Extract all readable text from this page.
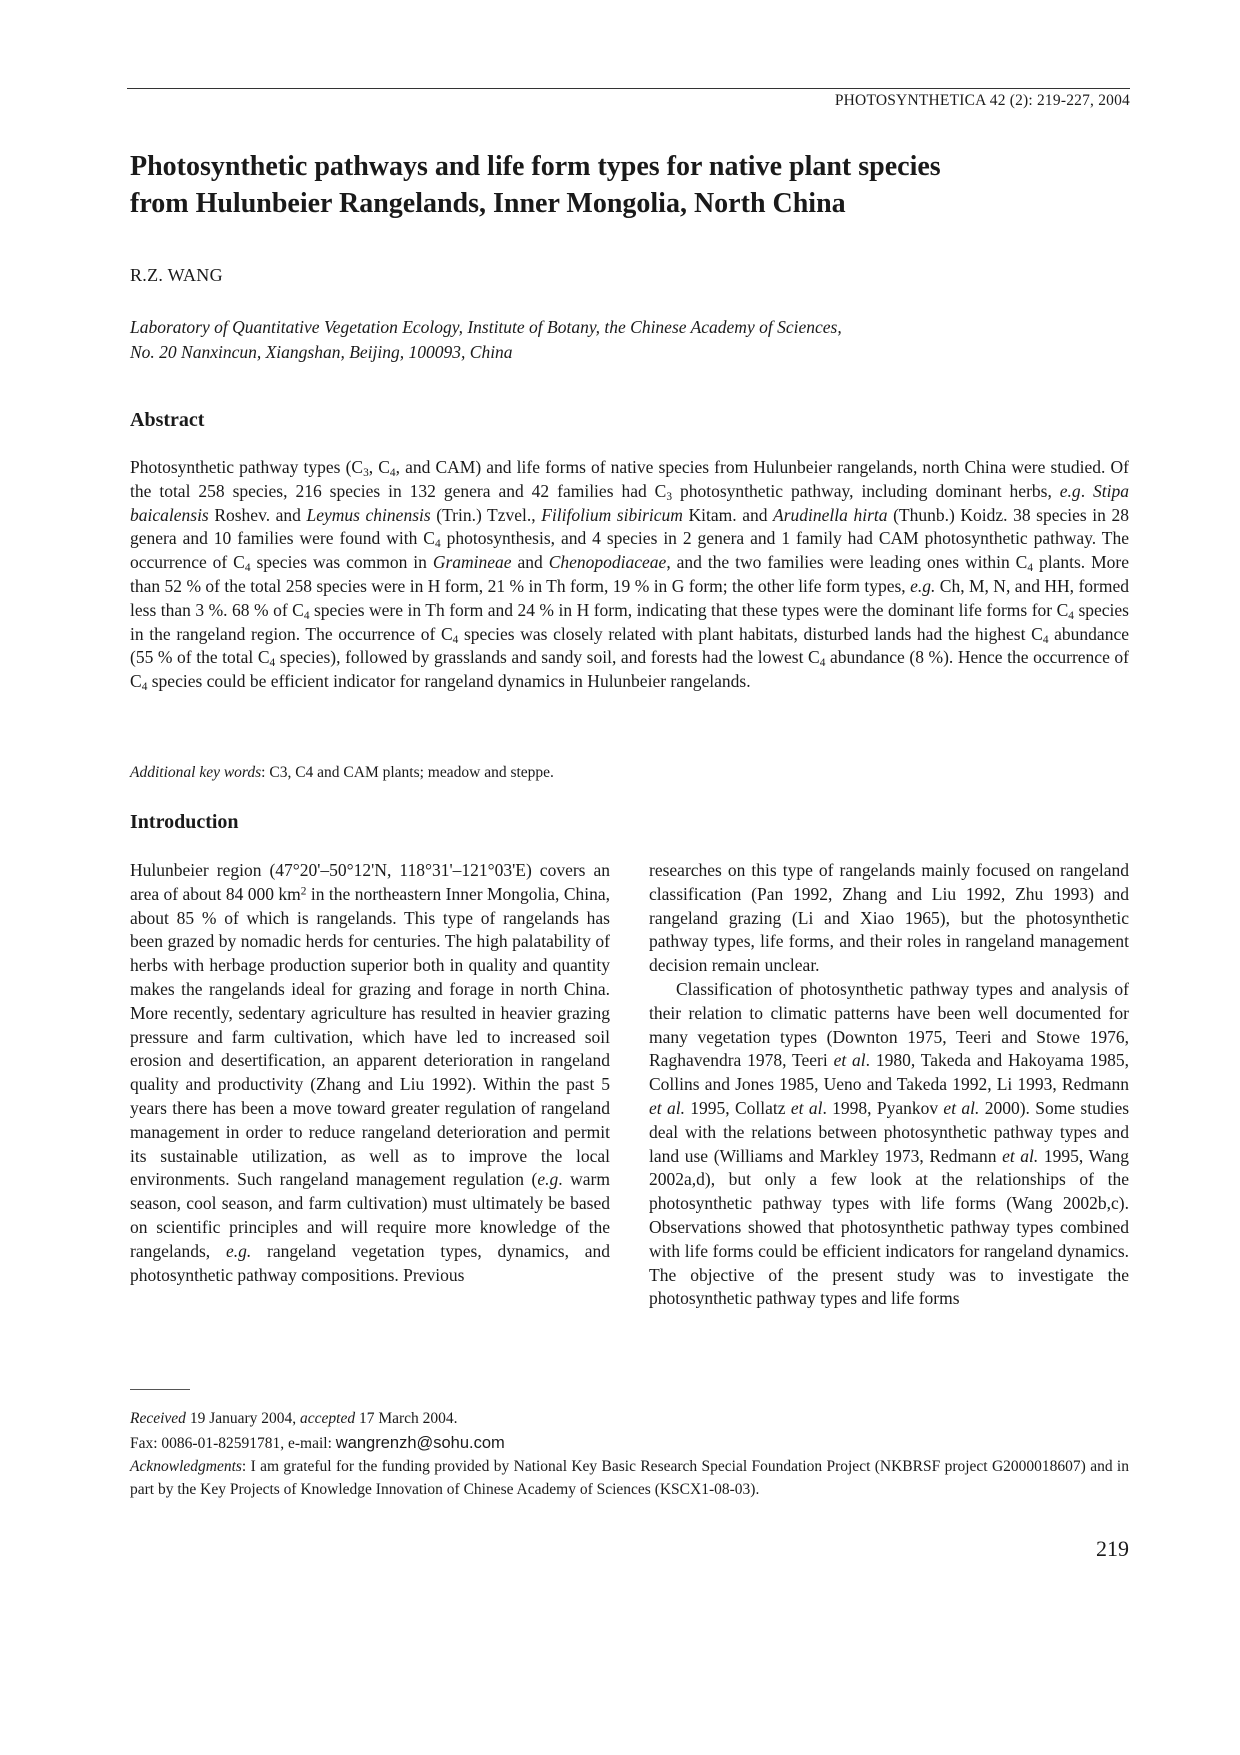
PHOTOSYNTHETICA 42 (2): 219-227, 2004
Photosynthetic pathways and life form types for native plant species
from Hulunbeier Rangelands, Inner Mongolia, North China
R.Z. WANG
Laboratory of Quantitative Vegetation Ecology, Institute of Botany, the Chinese Academy of Sciences,
No. 20 Nanxincun, Xiangshan, Beijing, 100093, China
Abstract
Photosynthetic pathway types ($C_3$, $C_4$, and CAM) and life forms of native species from Hulunbeier rangelands, north China were studied. Of the total 258 species, 216 species in 132 genera and 42 families had $C_3$ photosynthetic pathway, including dominant herbs, e.g. Stipa baicalensis Roshev. and Leymus chinensis (Trin.) Tzvel., Filifolium sibiricum Kitam. and Arudinella hirta (Thunb.) Koidz. 38 species in 28 genera and 10 families were found with $C_4$ photosynthesis, and 4 species in 2 genera and 1 family had CAM photosynthetic pathway. The occurrence of $C_4$ species was common in Gramineae and Chenopodiaceae, and the two families were leading ones within $C_4$ plants. More than 52 % of the total 258 species were in H form, 21 % in Th form, 19 % in G form; the other life form types, e.g. Ch, M, N, and HH, formed less than 3 %. 68 % of $C_4$ species were in Th form and 24 % in H form, indicating that these types were the dominant life forms for $C_4$ species in the rangeland region. The occurrence of $C_4$ species was closely related with plant habitats, disturbed lands had the highest $C_4$ abundance (55 % of the total $C_4$ species), followed by grasslands and sandy soil, and forests had the lowest $C_4$ abundance (8 %). Hence the occurrence of $C_4$ species could be efficient indicator for rangeland dynamics in Hulunbeier rangelands.
Additional key words: C3, C4 and CAM plants; meadow and steppe.
Introduction

Hulunbeier region (47°20'–50°12'N, 118°31'–121°03'E) covers an area of about 84 000 $km^2$ in the northeastern Inner Mongolia, China, about 85 % of which is rangelands. This type of rangelands has been grazed by nomadic herds for centuries. The high palatability of herbs with herbage production superior both in quality and quantity makes the rangelands ideal for grazing and forage in north China. More recently, sedentary agriculture has resulted in heavier grazing pressure and farm cultivation, which have led to increased soil erosion and desertification, an apparent deterioration in rangeland quality and productivity (Zhang and Liu 1992). Within the past 5 years there has been a move toward greater regulation of rangeland management in order to reduce rangeland deterioration and permit its sustainable utilization, as well as to improve the local environments. Such rangeland management regulation (e.g. warm season, cool season, and farm cultivation) must ultimately be based on scientific principles and will require more knowledge of the rangelands, e.g. rangeland vegetation types, dynamics, and photosynthetic pathway compositions. Previous

researches on this type of rangelands mainly focused on rangeland classification (Pan 1992, Zhang and Liu 1992, Zhu 1993) and rangeland grazing (Li and Xiao 1965), but the photosynthetic pathway types, life forms, and their roles in rangeland management decision remain unclear.

Classification of photosynthetic pathway types and analysis of their relation to climatic patterns have been well documented for many vegetation types (Downton 1975, Teeri and Stowe 1976, Raghavendra 1978, Teeri et al. 1980, Takeda and Hakoyama 1985, Collins and Jones 1985, Ueno and Takeda 1992, Li 1993, Redmann et al. 1995, Collatz et al. 1998, Pyankov et al. 2000). Some studies deal with the relations between photosynthetic pathway types and land use (Williams and Markley 1973, Redmann et al. 1995, Wang 2002a,d), but only a few look at the relationships of the photosynthetic pathway types with life forms (Wang 2002b,c). Observations showed that photosynthetic pathway types combined with life forms could be efficient indicators for rangeland dynamics. The objective of the present study was to investigate the photosynthetic pathway types and life forms

Received 19 January 2004, accepted 17 March 2004.
Fax: 0086-01-82591781, e-mail: wangrenzh@sohu.com
Acknowledgments: I am grateful for the funding provided by National Key Basic Research Special Foundation Project (NKBRSF project G2000018607) and in part by the Key Projects of Knowledge Innovation of Chinese Academy of Sciences (KSCX1-08-03).
219
